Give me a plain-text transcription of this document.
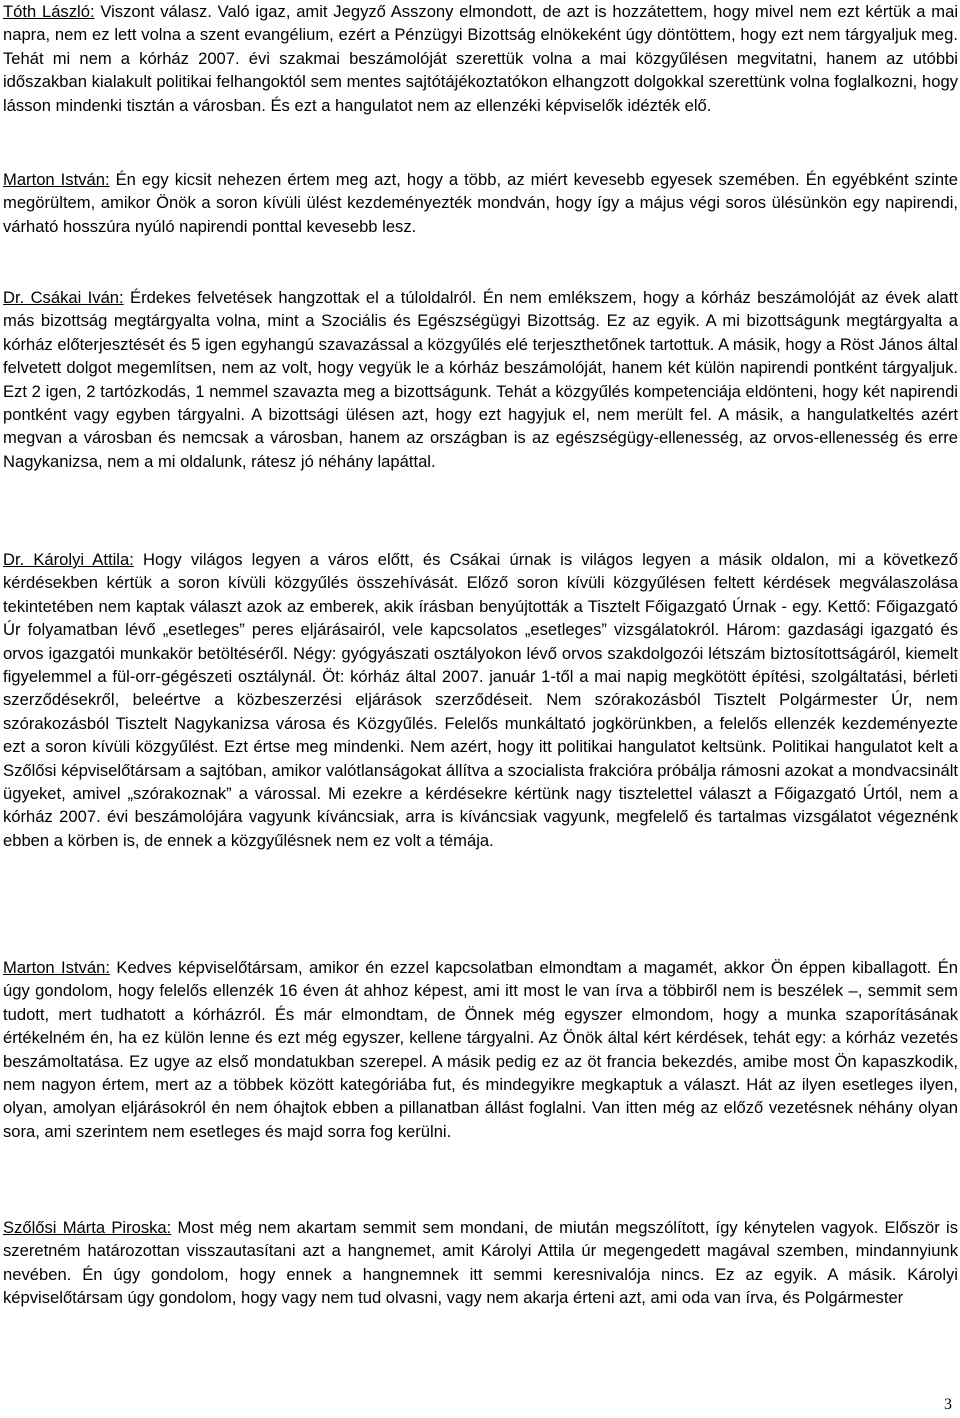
Tóth László: Viszont válasz. Való igaz, amit Jegyző Asszony elmondott, de azt is hozzátettem, hogy mivel nem ezt kértük a mai napra, nem ez lett volna a szent evangélium, ezért a Pénzügyi Bizottság elnökeként úgy döntöttem, hogy ezt nem tárgyaljuk meg. Tehát mi nem a kórház 2007. évi szakmai beszámolóját szerettük volna a mai közgyűlésen megvitatni, hanem az utóbbi időszakban kialakult politikai felhangoktól sem mentes sajtótájékoztatókon elhangzott dolgokkal szerettünk volna foglalkozni, hogy lásson mindenki tisztán a városban. És ezt a hangulatot nem az ellenzéki képviselők idézték elő.

Marton István: Én egy kicsit nehezen értem meg azt, hogy a több, az miért kevesebb egyesek szemében. Én egyébként szinte megörültem, amikor Önök a soron kívüli ülést kezdeményezték mondván, hogy így a május végi soros ülésünkön egy napirendi, várható hosszúra nyúló napirendi ponttal kevesebb lesz.

Dr. Csákai Iván: Érdekes felvetések hangzottak el a túloldalról. Én nem emlékszem, hogy a kórház beszámolóját az évek alatt más bizottság megtárgyalta volna, mint a Szociális és Egészségügyi Bizottság. Ez az egyik. A mi bizottságunk megtárgyalta a kórház előterjesztését és 5 igen egyhangú szavazással a közgyűlés elé terjeszthetőnek tartottuk. A másik, hogy a Röst János által felvetett dolgot megemlítsen, nem az volt, hogy vegyük le a kórház beszámolóját, hanem két külön napirendi pontként tárgyaljuk. Ezt 2 igen, 2 tartózkodás, 1 nemmel szavazta meg a bizottságunk. Tehát a közgyűlés kompetenciája eldönteni, hogy két napirendi pontként vagy egyben tárgyalni. A bizottsági ülésen azt, hogy ezt hagyjuk el, nem merült fel. A másik, a hangulatkeltés azért megvan a városban és nemcsak a városban, hanem az országban is az egészségügy-ellenesség, az orvos-ellenesség és erre Nagykanizsa, nem a mi oldalunk, rátesz jó néhány lapáttal.

Dr. Károlyi Attila: Hogy világos legyen a város előtt, és Csákai úrnak is világos legyen a másik oldalon, mi a következő kérdésekben kértük a soron kívüli közgyűlés összehívását. Előző soron kívüli közgyűlésen feltett kérdések megválaszolása tekintetében nem kaptak választ azok az emberek, akik írásban benyújtották a Tisztelt Főigazgató Úrnak - egy. Kettő: Főigazgató Úr folyamatban lévő „esetleges” peres eljárásairól, vele kapcsolatos „esetleges” vizsgálatokról. Három: gazdasági igazgató és orvos igazgatói munkakör betöltéséről. Négy: gyógyászati osztályokon lévő orvos szakdolgozói létszám biztosítottságáról, kiemelt figyelemmel a fül-orr-gégészeti osztálynál. Öt: kórház által 2007. január 1-től a mai napig megkötött építési, szolgáltatási, bérleti szerződésekről, beleértve a közbeszerzési eljárások szerződéseit. Nem szórakozásból Tisztelt Polgármester Úr, nem szórakozásból Tisztelt Nagykanizsa városa és Közgyűlés. Felelős munkáltató jogkörünkben, a felelős ellenzék kezdeményezte ezt a soron kívüli közgyűlést. Ezt értse meg mindenki. Nem azért, hogy itt politikai hangulatot keltsünk. Politikai hangulatot kelt a Szőlősi képviselőtársam a sajtóban, amikor valótlanságokat állítva a szocialista frakcióra próbálja rámosni azokat a mondvacsinált ügyeket, amivel „szórakoznak” a várossal. Mi ezekre a kérdésekre kértünk nagy tisztelettel választ a Főigazgató Úrtól, nem a kórház 2007. évi beszámolójára vagyunk kíváncsiak, arra is kíváncsiak vagyunk, megfelelő és tartalmas vizsgálatot végeznénk ebben a körben is, de ennek a közgyűlésnek nem ez volt a témája.

Marton István: Kedves képviselőtársam, amikor én ezzel kapcsolatban elmondtam a magamét, akkor Ön éppen kiballagott. Én úgy gondolom, hogy felelős ellenzék 16 éven át ahhoz képest, ami itt most le van írva a többiről nem is beszélek –, semmit sem tudott, mert tudhatott a kórházról. És már elmondtam, de Önnek még egyszer elmondom, hogy a munka szaporításának értékelném én, ha ez külön lenne és ezt még egyszer, kellene tárgyalni. Az Önök által kért kérdések, tehát egy: a kórház vezetés beszámoltatása. Ez ugye az első mondatukban szerepel. A másik pedig ez az öt francia bekezdés, amibe most Ön kapaszkodik, nem nagyon értem, mert az a többek között kategóriába fut, és mindegyikre megkaptuk a választ. Hát az ilyen esetleges ilyen, olyan, amolyan eljárásokról én nem óhajtok ebben a pillanatban állást foglalni. Van itten még az előző vezetésnek néhány olyan sora, ami szerintem nem esetleges és majd sorra fog kerülni.

Szőlősi Márta Piroska: Most még nem akartam semmit sem mondani, de miután megszólított, így kénytelen vagyok. Először is szeretném határozottan visszautasítani azt a hangnemet, amit Károlyi Attila úr megengedett magával szemben, mindannyiunk nevében. Én úgy gondolom, hogy ennek a hangnemnek itt semmi keresnivalója nincs. Ez az egyik. A másik. Károlyi képviselőtársam úgy gondolom, hogy vagy nem tud olvasni, vagy nem akarja érteni azt, ami oda van írva, és Polgármester

3
